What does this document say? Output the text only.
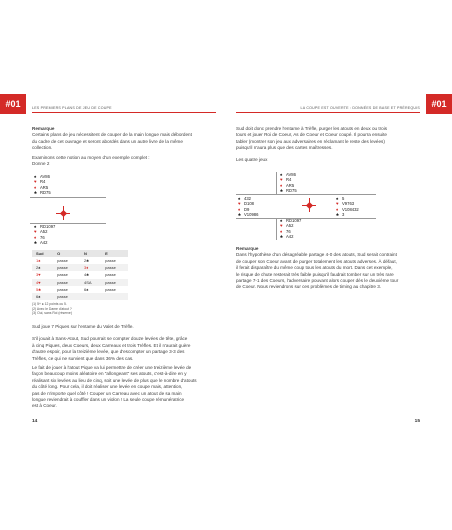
#01	#01
LES PREMIERS PLANS DE JEU DE COUPE	LA COUPE EST OUVERTE : DONNÉES DE BASE ET PRÉREQUIS
Remarque
Certains plans de jeu nécessitent de couper de la main longue mais débordent
du cadre de cet ouvrage et seront abordés dans un autre livre de la même
collection.
Examinons cette notion au moyen d'un exemple complet :
Donne 2
♠ AV86
♥ R4
♦ AR5
♣ RD75
♠ RD1097
♥ A52
♦ 76
♣ A42
Sud	O	N	E
1♠	passe	2♣	passe
2♠	passe	3♦	passe
3♥	passe	4♣	passe
4♥	passe	4SA	passe
5♣	passe	6♠	passe
6♠	passe		
(1) 5+ ♠ 12 points ou 5.
(2) Avec le Dame d'atout ?
(3) Oui, sans Roi (réserve)
Sud joue 7 Piques sur l'entame du Valet de Trèfle.
S'il jouait à Sans-Atout, Sud pourrait se compter douze levées de tête, grâce
à cinq Piques, deux Coeurs, deux Carreaux et trois Trèfles. Et il n'aurait guère
d'autre espoir, pour la treizième levée, que d'escompter un partage 3-3 des
Trèfles, ce qui ne survient que dans 36% des cas.
Le fait de jouer à l'atout Pique va lui permettre de créer une treizième levée de
façon beaucoup moins aléatoire en "allongeant" ses atouts, c'est-à-dire en y
réalisant six levées au lieu de cinq, soit une levée de plus que le nombre d'atouts
du côté long. Pour cela, il doit réaliser une levée en coupe mais, attention,
pas de n'importe quel côté ! Couper un Carreau avec un atout de sa main
longue reviendrait à couffler dans un violon ! La seule coupe rémunératrice
est à Coeur.
14
Sud doit donc prendre l'entame à Trèfle, purger les atouts en deux ou trois
tours et jouer Roi de Coeur, As de Coeur et Coeur coupé. Il pourra ensuite
tabler (montrer son jeu aux adversaires en réclamant le reste des levées)
puisqu'il n'aura plus que des cartes maîtresses.
Les quatre jeux
♠ AV86
♥ R4
♦ AR5
♣ RD75
♠ 432
♥ D108
♦ D9
♣ V10986
♠ 5
♥ V9763
♦ V108432
♣ 3
♠ RD1097
♥ A52
♦ 76
♣ A42
Remarque
Dans l'hypothèse d'un désagréable partage 4-0 des atouts, Sud serait contraint
de couper son Coeur avant de purger totalement les atouts adverses. À défaut,
il ferait disparaître du même coup tous les atouts du mort. Dans cet exemple,
le risque de chute resterait très faible puisqu'il faudrait tomber sur un très rare
partage 7-1 des Coeurs, l'adversaire pouvant alors couper dès le deuxième tour
de Coeur. Nous reviendrons sur ces problèmes de timing au chapitre 3.
15
